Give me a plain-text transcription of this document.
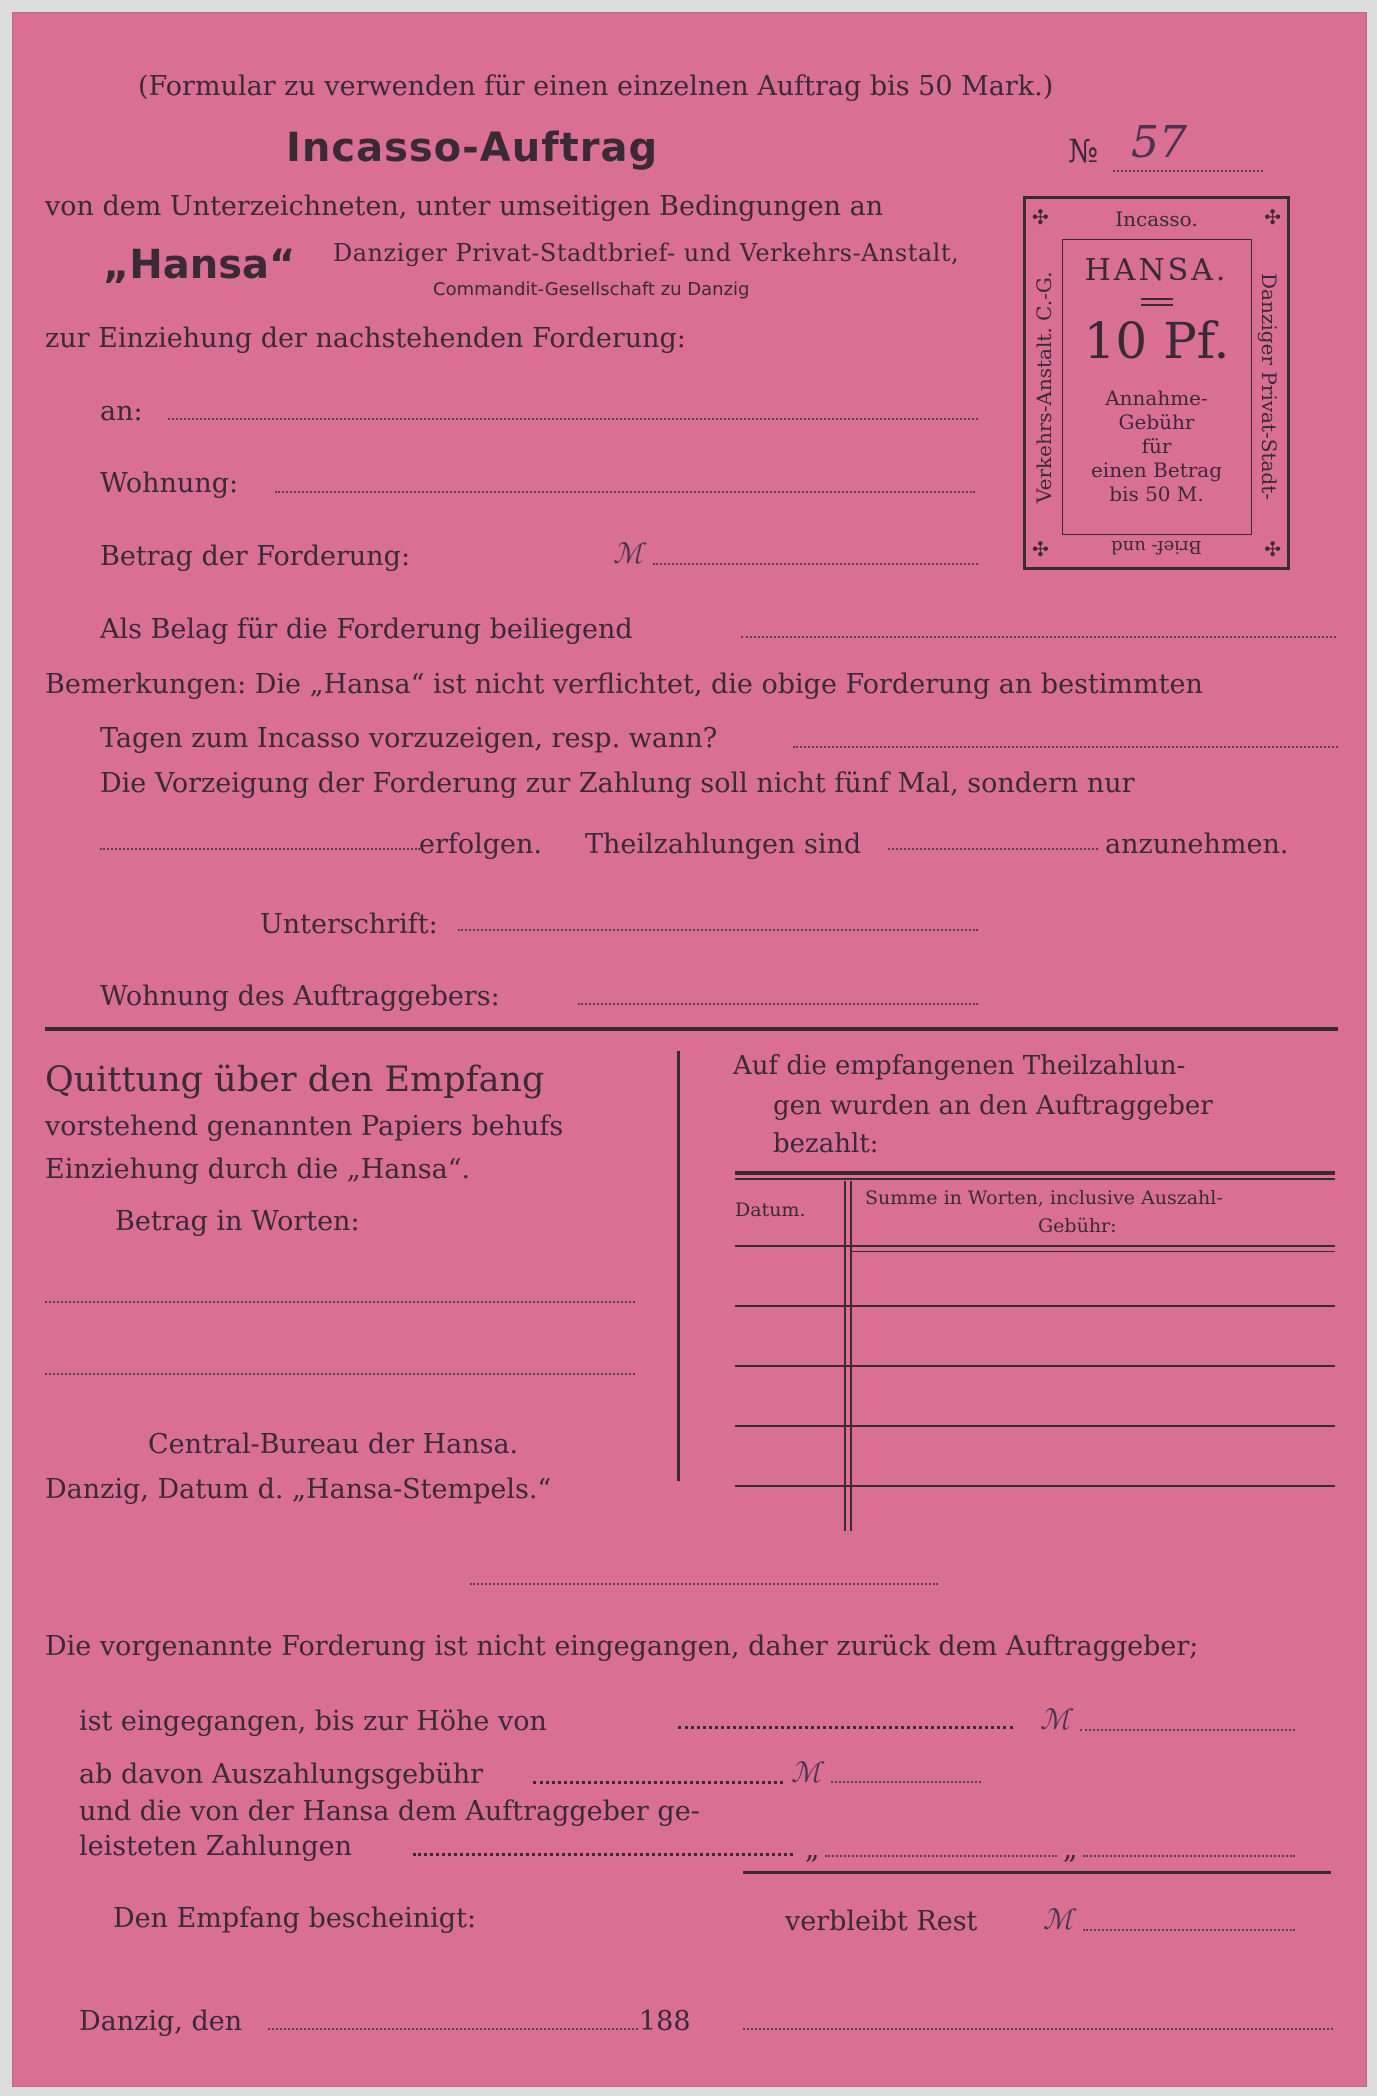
(Formular zu verwenden für einen einzelnen Auftrag bis 50 Mark.)
Incasso-Auftrag	№ 57
von dem Unterzeichneten, unter umseitigen Bedingungen an
„Hansa“ Danziger Privat-Stadtbrief- und Verkehrs-Anstalt,
Commandit-Gesellschaft zu Danzig
zur Einziehung der nachstehenden Forderung:
an:
Wohnung:
Betrag der Forderung:	ℳ
Als Belag für die Forderung beiliegend
Bemerkungen: Die „Hansa“ ist nicht verflichtet, die obige Forderung an bestimmten
Tagen zum Incasso vorzuzeigen, resp. wann?
Die Vorzeigung der Forderung zur Zahlung soll nicht fünf Mal, sondern nur
erfolgen. Theilzahlungen sind	anzunehmen.
Unterschrift:
Wohnung des Auftraggebers:
✣	✣
✣	✣
Incasso.
Verkehrs-Anstalt. C.-G.	Danziger Privat-Stadt-
Brief- und
HANSA.
10 Pf.
Annahme-
Gebühr
für
einen Betrag
bis 50 M.
Quittung über den Empfang
vorstehend genannten Papiers behufs
Einziehung durch die „Hansa“.
Betrag in Worten:
Central-Bureau der Hansa.
Danzig, Datum d. „Hansa-Stempels.“
Auf die empfangenen Theilzahlun-
gen wurden an den Auftraggeber
bezahlt:
Datum.
Summe in Worten, inclusive Auszahl-
Gebühr:
Die vorgenannte Forderung ist nicht eingegangen, daher zurück dem Auftraggeber;
ist eingegangen, bis zur Höhe von	ℳ
ab davon Auszahlungsgebühr	ℳ
und die von der Hansa dem Auftraggeber ge-
leisteten Zahlungen	„	„
Den Empfang bescheinigt:	verbleibt Rest ℳ
Danzig, den	188
